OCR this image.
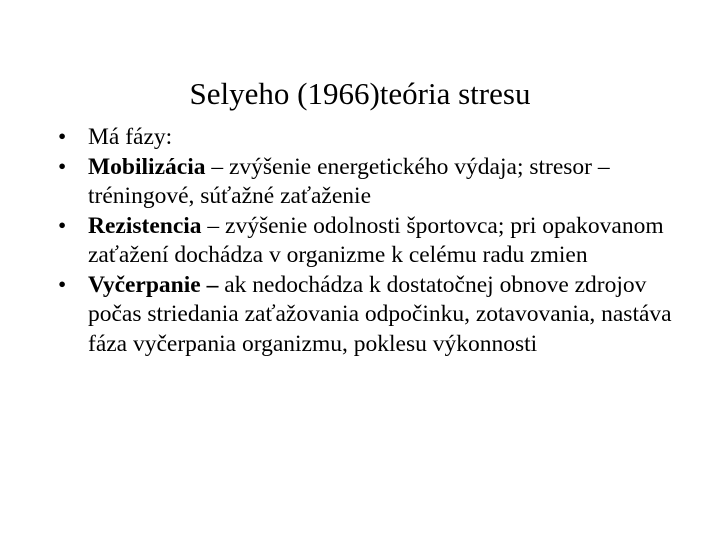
Selyeho (1966)teória stresu
• Má fázy:
• Mobilizácia – zvýšenie energetického výdaja; stresor – tréningové, súťažné zaťaženie
• Rezistencia – zvýšenie odolnosti športovca; pri opakovanom zaťažení dochádza v organizme k celému radu zmien
• Vyčerpanie – ak nedochádza k dostatočnej obnove zdrojov počas striedania zaťažovania odpočinku, zotavovania, nastáva fáza vyčerpania organizmu, poklesu výkonnosti
